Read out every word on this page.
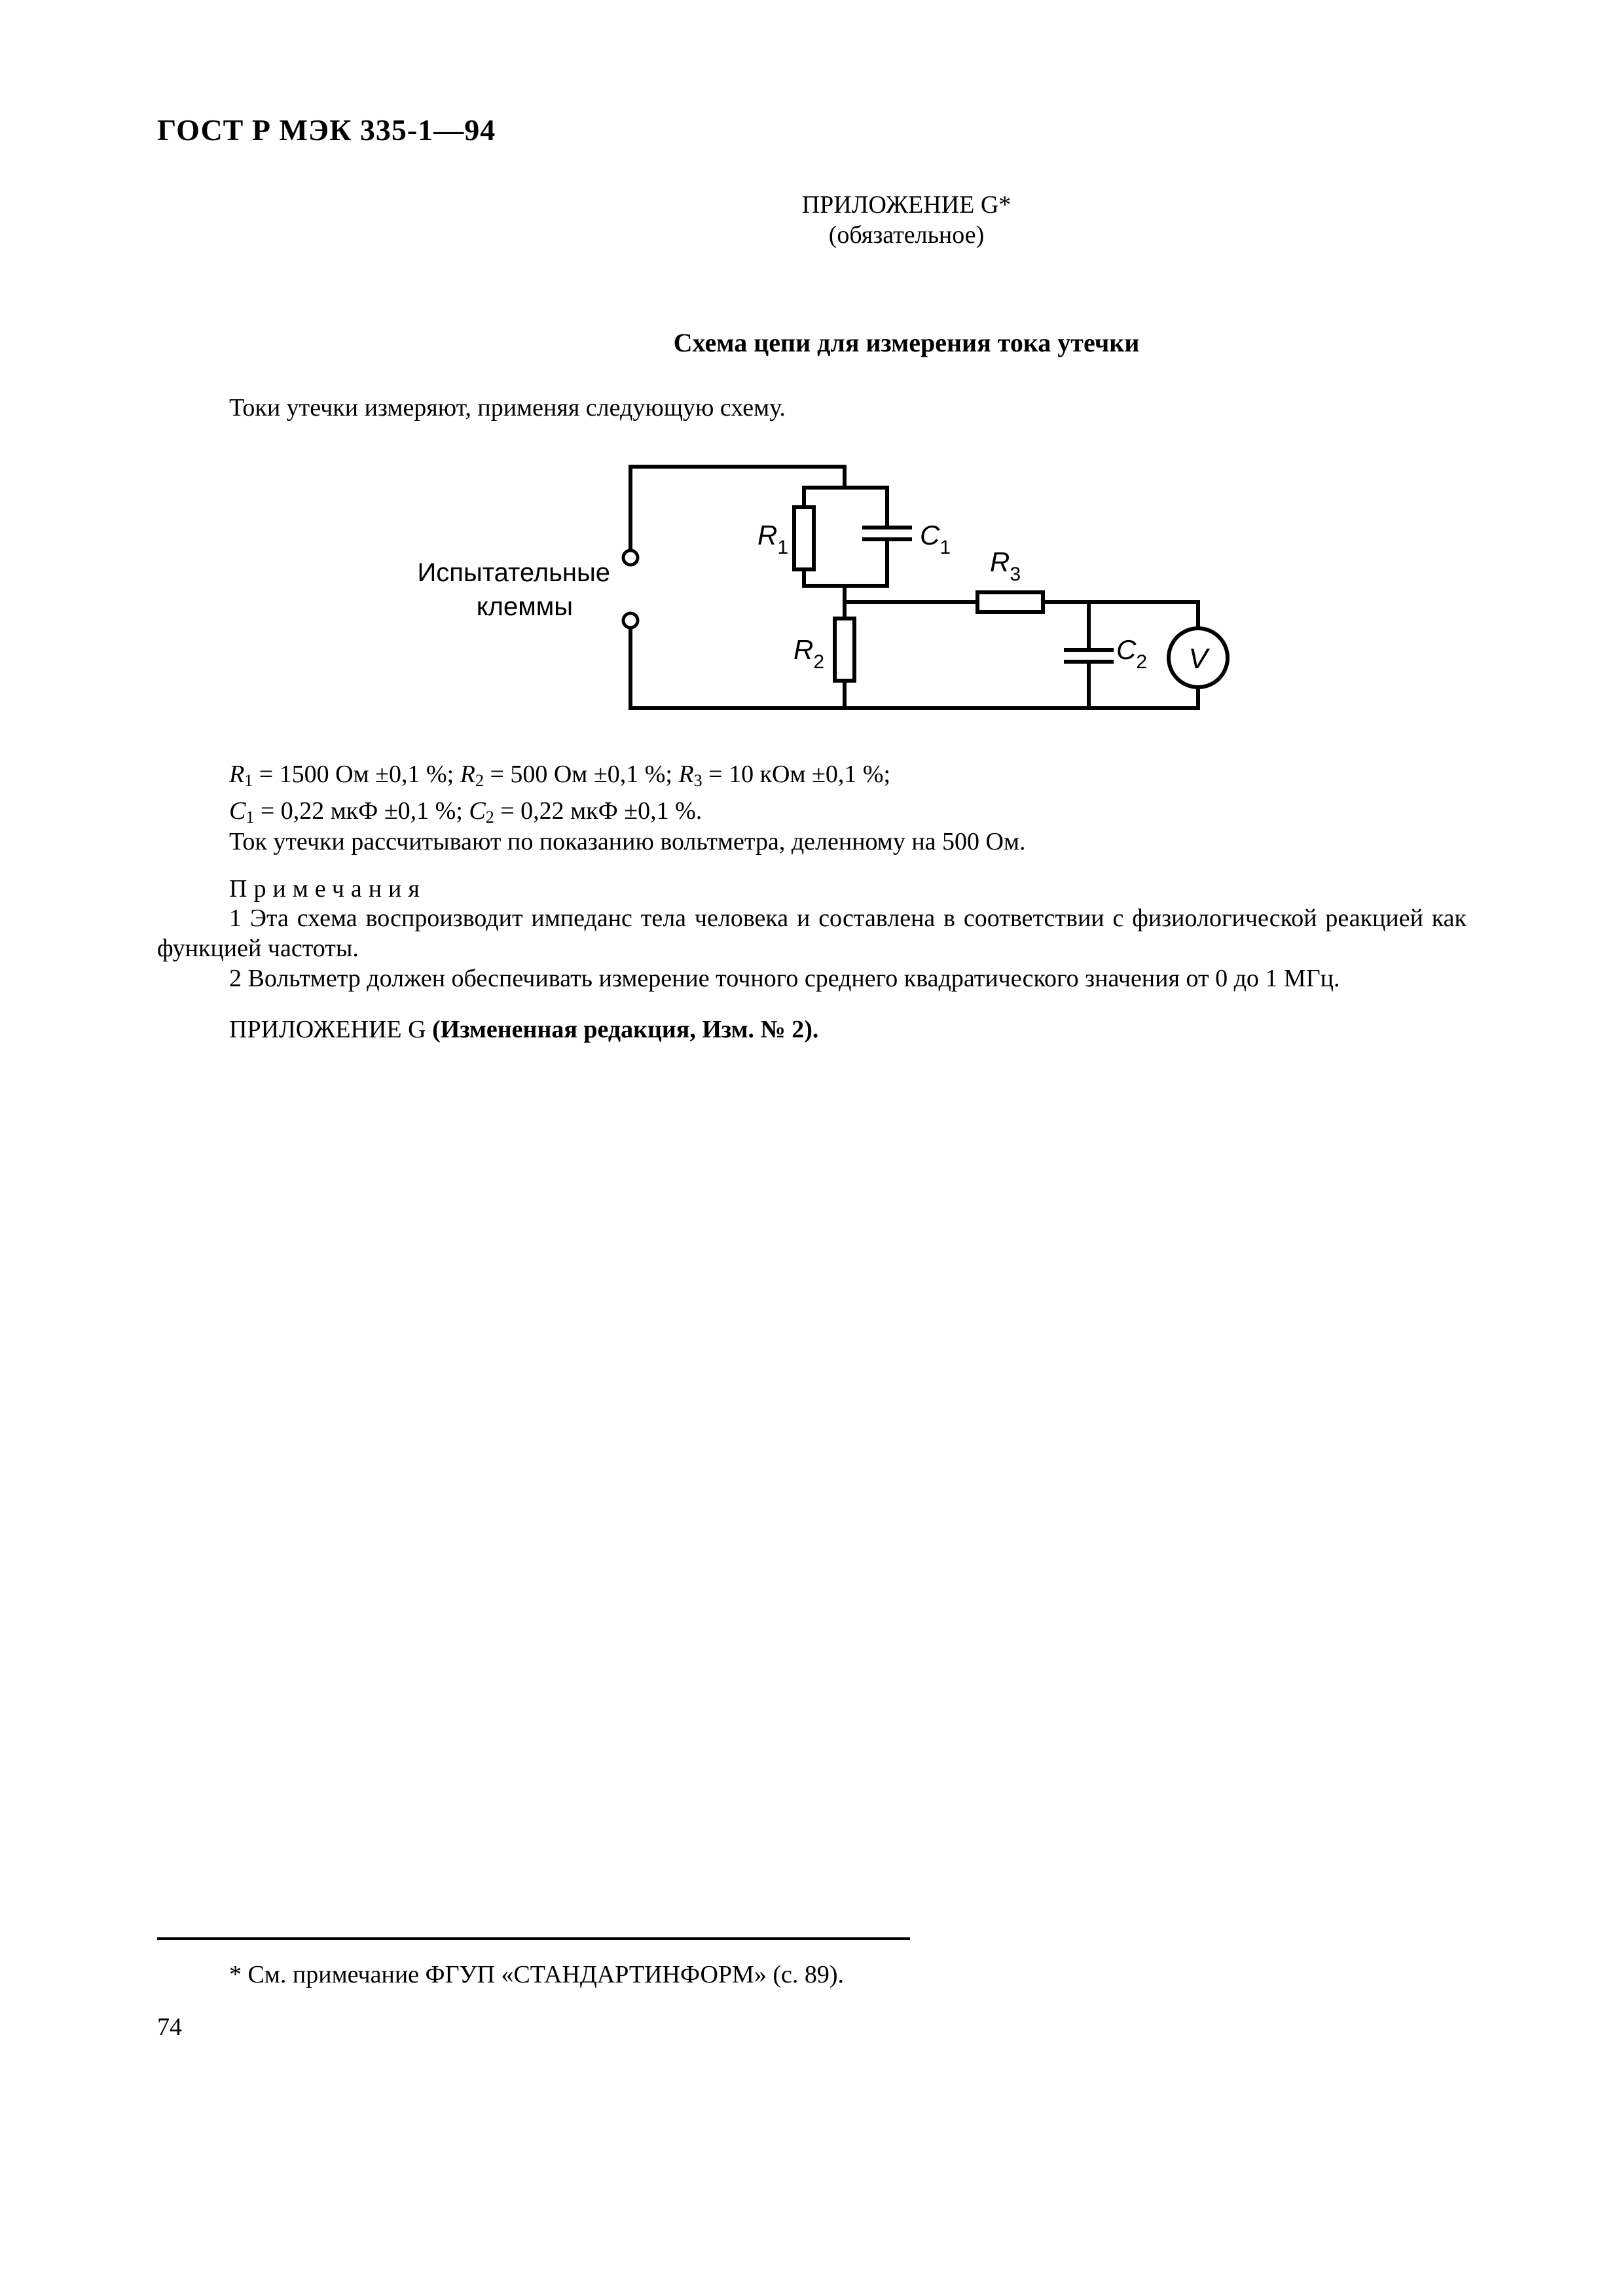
ГОСТ Р МЭК 335-1—94
ПРИЛОЖЕНИЕ G*
(обязательное)
Схема цепи для измерения тока утечки
Токи утечки измеряют, применяя следующую схему.
Испытательные
клеммы
$R_1$	$C_1$ $R_3$
$R_2$	$C_2$ V
$R_1 = 1500$ Ом ±0,1 %; $R_2 = 500$ Ом ±0,1 %; $R_3 = 10$ кОм ±0,1 %;
$C_1 = 0,22$ мкФ ±0,1 %; $C_2 = 0,22$ мкФ ±0,1 %.
Ток утечки рассчитывают по показанию вольтметра, деленному на 500 Ом.
Примечания
1 Эта схема воспроизводит импеданс тела человека и составлена в соответствии с физиологической реакцией как функцией частоты.
2 Вольтметр должен обеспечивать измерение точного среднего квадратического значения от 0 до 1 МГц.
ПРИЛОЖЕНИЕ G (Измененная редакция, Изм. № 2).
* См. примечание ФГУП «СТАНДАРТИНФОРМ» (с. 89).
74
